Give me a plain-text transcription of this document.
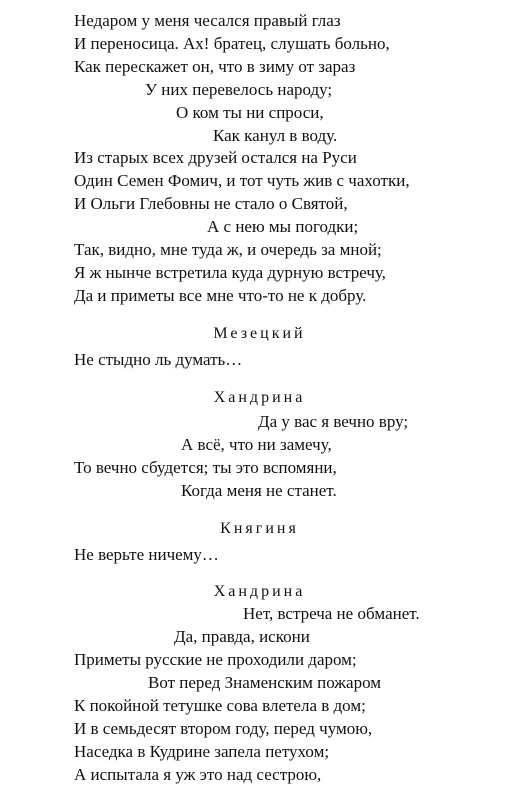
Недаром у меня чесался правый глаз
И переносица. Ах! братец, слушать больно,
Как перескажет он, что в зиму от зараз
У них перевелось народу;
О ком ты ни спроси,
Как канул в воду.
Из старых всех друзей остался на Руси
Один Семен Фомич, и тот чуть жив с чахотки,
И Ольги Глебовны не стало о Святой,
А с нею мы погодки;
Так, видно, мне туда ж, и очередь за мной;
Я ж нынче встретила куда дурную встречу,
Да и приметы все мне что-то не к добру.
Мезецкий
Не стыдно ль думать…
Хандрина
Да у вас я вечно вру;
А всё, что ни замечу,
То вечно сбудется; ты это вспомяни,
Когда меня не станет.
Княгиня
Не верьте ничему…
Хандрина
Нет, встреча не обманет.
Да, правда, искони
Приметы русские не проходили даром;
Вот перед Знаменским пожаром
К покойной тетушке сова влетела в дом;
И в семьдесят втором году, перед чумою,
Наседка в Кудрине запела петухом;
А испытала я уж это над сестрою,
